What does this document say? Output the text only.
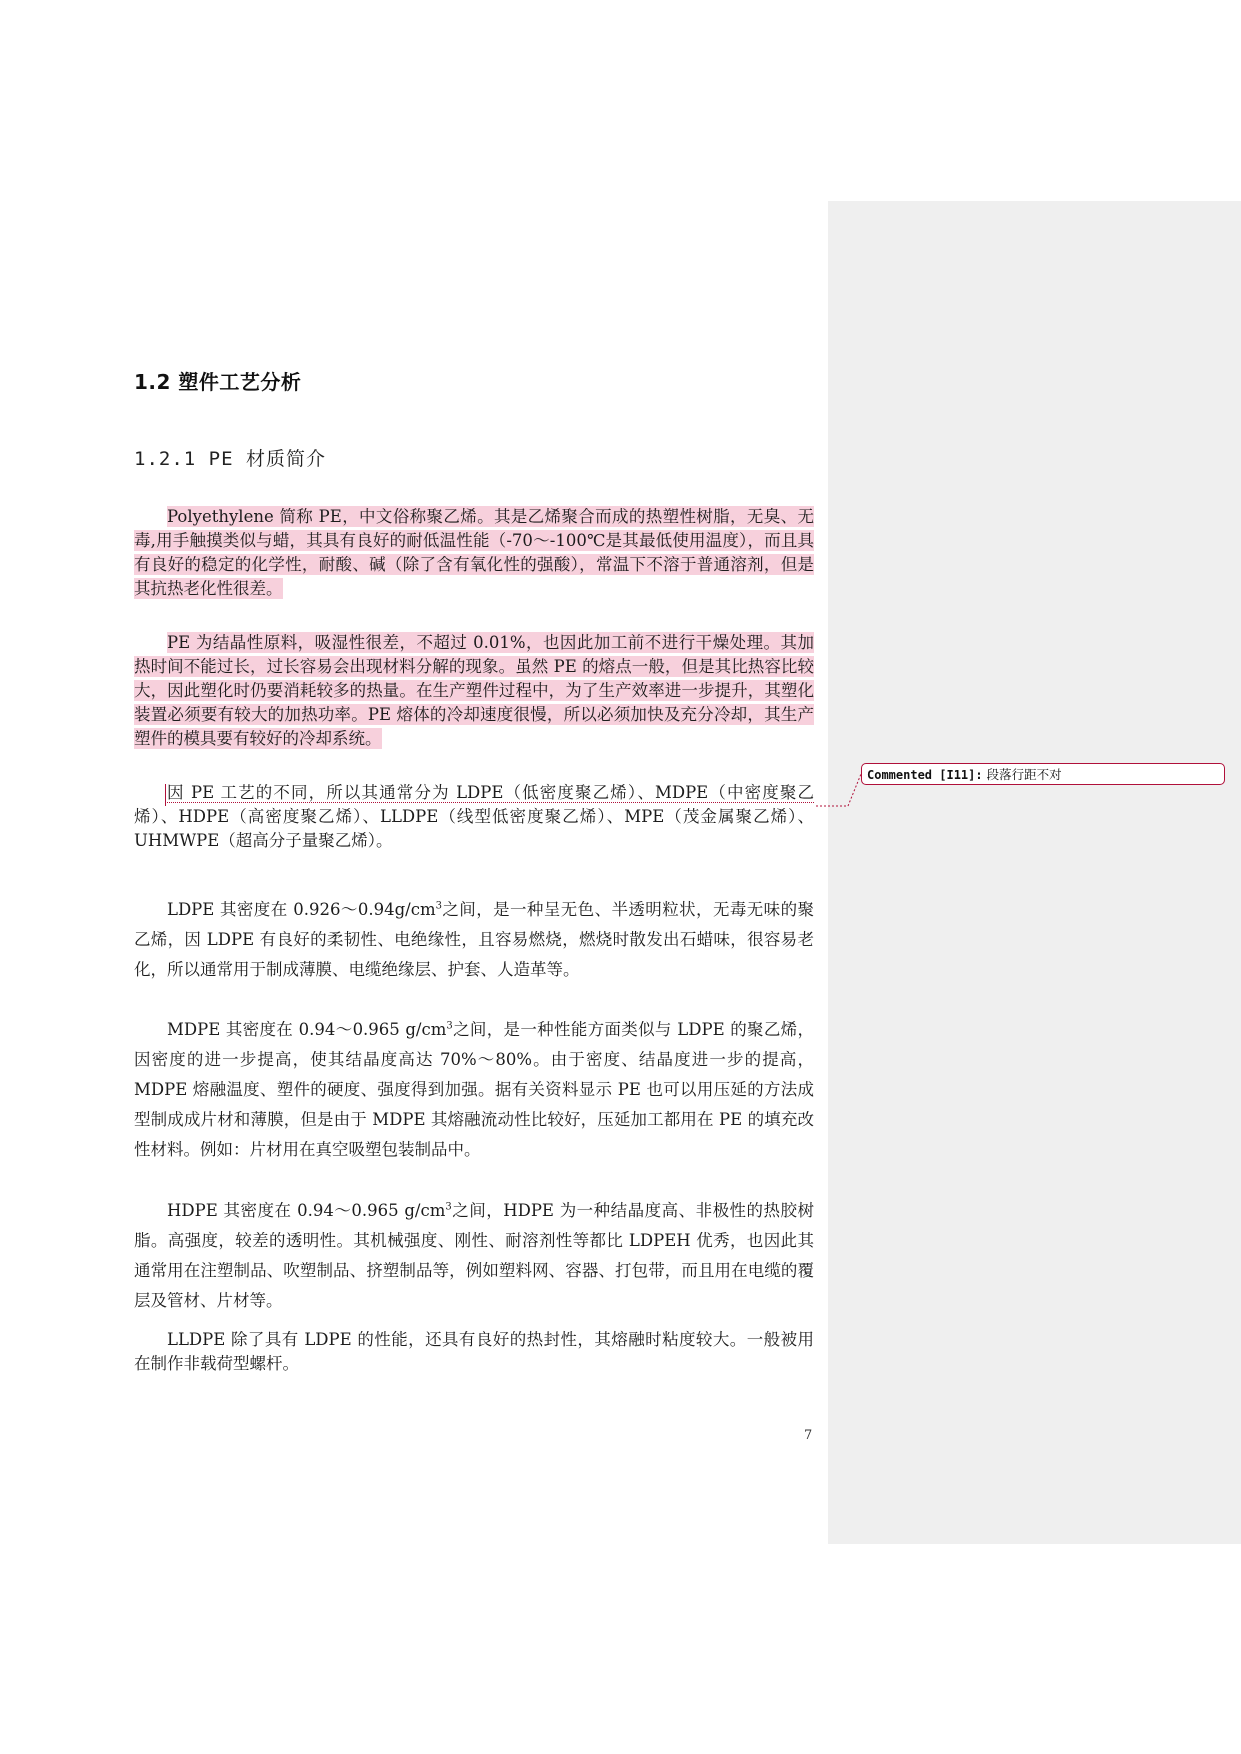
1.2 塑件工艺分析
1.2.1 PE 材质简介

Polyethylene 简称 PE，中文俗称聚乙烯。其是乙烯聚合而成的热塑性树脂，无臭、无毒,用手触摸类似与蜡，其具有良好的耐低温性能（-70～-100℃是其最低使用温度），而且具有良好的稳定的化学性，耐酸、碱（除了含有氧化性的强酸），常温下不溶于普通溶剂，但是其抗热老化性很差。

PE 为结晶性原料，吸湿性很差，不超过 0.01%，也因此加工前不进行干燥处理。其加热时间不能过长，过长容易会出现材料分解的现象。虽然 PE 的熔点一般，但是其比热容比较大，因此塑化时仍要消耗较多的热量。在生产塑件过程中，为了生产效率进一步提升，其塑化装置必须要有较大的加热功率。PE 熔体的冷却速度很慢，所以必须加快及充分冷却，其生产塑件的模具要有较好的冷却系统。

因 PE 工艺的不同，所以其通常分为 LDPE（低密度聚乙烯）、MDPE（中密度聚乙烯）、HDPE（高密度聚乙烯）、LLDPE（线型低密度聚乙烯）、MPE（茂金属聚乙烯）、UHMWPE（超高分子量聚乙烯）。

LDPE 其密度在 $0.926\sim 0.94g/cm^3$之间，是一种呈无色、半透明粒状，无毒无味的聚乙烯，因 LDPE 有良好的柔韧性、电绝缘性，且容易燃烧，燃烧时散发出石蜡味，很容易老化，所以通常用于制成薄膜、电缆绝缘层、护套、人造革等。

MDPE 其密度在 0.94～0.965 $g/cm^3$之间，是一种性能方面类似与 LDPE 的聚乙烯，因密度的进一步提高，使其结晶度高达 70%～80%。由于密度、结晶度进一步的提高，MDPE 熔融温度、塑件的硬度、强度得到加强。据有关资料显示 PE 也可以用压延的方法成型制成成片材和薄膜，但是由于 MDPE 其熔融流动性比较好，压延加工都用在 PE 的填充改性材料。例如：片材用在真空吸塑包装制品中。

HDPE 其密度在 0.94～0.965 $g/cm^3$之间，HDPE 为一种结晶度高、非极性的热胶树脂。高强度，较差的透明性。其机械强度、刚性、耐溶剂性等都比 LDPEH 优秀，也因此其通常用在注塑制品、吹塑制品、挤塑制品等，例如塑料网、容器、打包带，而且用在电缆的覆层及管材、片材等。

LLDPE 除了具有 LDPE 的性能，还具有良好的热封性，其熔融时粘度较大。一般被用在制作非载荷型螺杆。

7
Commented [I11]: 段落行距不对
